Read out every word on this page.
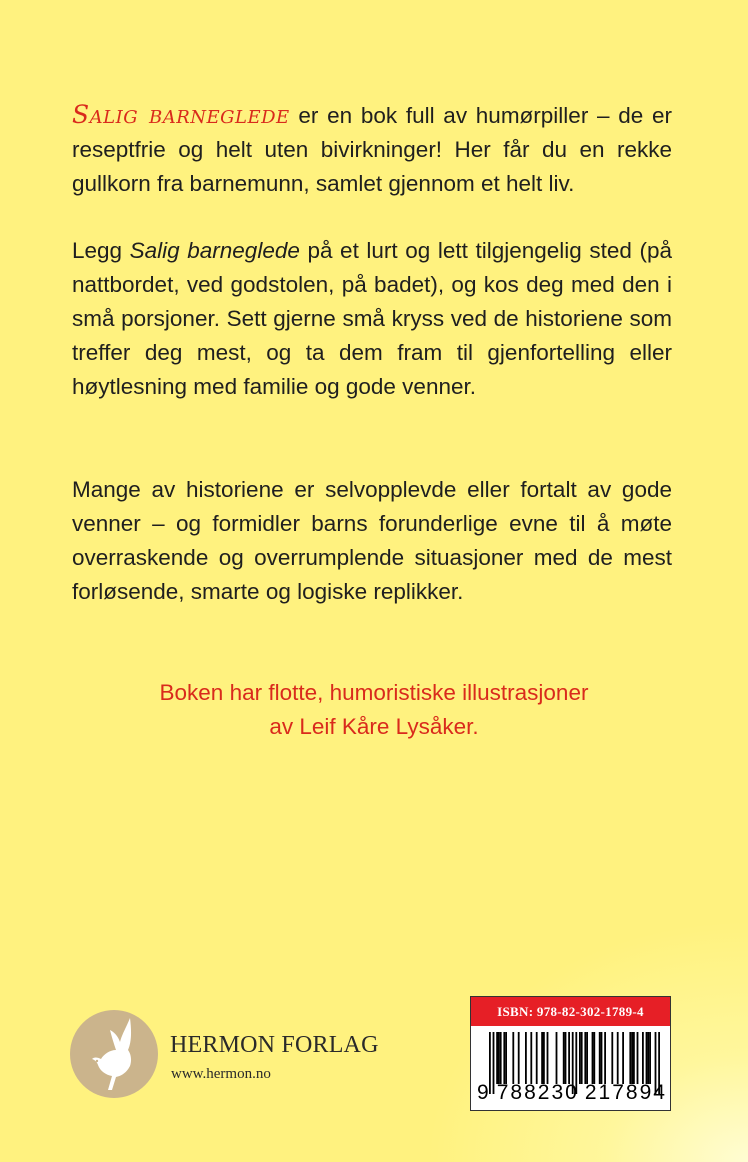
Salig barneglede er en bok full av humørpiller – de er reseptfrie og helt uten bivirkninger! Her får du en rekke gullkorn fra barnemunn, samlet gjennom et helt liv.

Legg Salig barneglede på et lurt og lett tilgjengelig sted (på nattbordet, ved godstolen, på badet), og kos deg med den i små porsjoner. Sett gjerne små kryss ved de historiene som treffer deg mest, og ta dem fram til gjenfortelling eller høytlesning med familie og gode venner.

Mange av historiene er selvopplevde eller fortalt av gode venner – og formidler barns forunderlige evne til å møte overraskende og overrumplende situasjoner med de mest forløsende, smarte og logiske replikker.

Boken har flotte, humoristiske illustrasjoner
av Leif Kåre Lysåker.
HERMON FORLAG
www.hermon.no
ISBN: 978-82-302-1789-4
9 7 8 8 2 3 0 2 1 7 8 9 4
